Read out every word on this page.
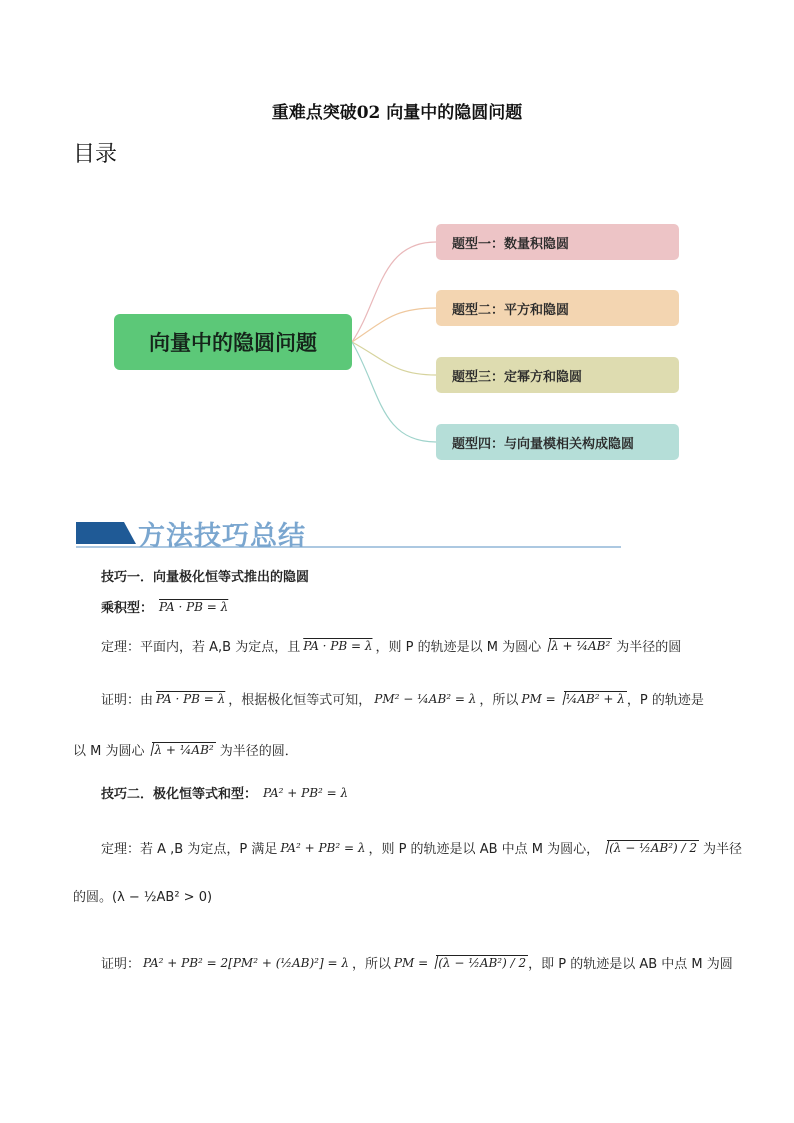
重难点突破02 向量中的隐圆问题
目录
向量中的隐圆问题
题型一：数量积隐圆
题型二：平方和隐圆
题型三：定幂方和隐圆
题型四：与向量模相关构成隐圆
方法技巧总结
技巧一．向量极化恒等式推出的隐圆
乘积型： PA · PB = λ
定理：平面内，若 A,B 为定点，且 PA · PB = λ ，则 P 的轨迹是以 M 为圆心 λ + ¼AB² 为半径的圆
证明：由 PA · PB = λ ，根据极化恒等式可知， PM² − ¼AB² = λ ，所以 PM = ¼AB² + λ ，P 的轨迹是
以 M 为圆心 λ + ¼AB² 为半径的圆．
技巧二．极化恒等式和型： PA² + PB² = λ
定理：若 A ,B 为定点，P 满足 PA² + PB² = λ ，则 P 的轨迹是以 AB 中点 M 为圆心， (λ − ½AB²) / 2 为半径
的圆。(λ − ½AB² > 0)
证明： PA² + PB² = 2[PM² + (½AB)²] = λ ，所以 PM = (λ − ½AB²) / 2 ，即 P 的轨迹是以 AB 中点 M 为圆
